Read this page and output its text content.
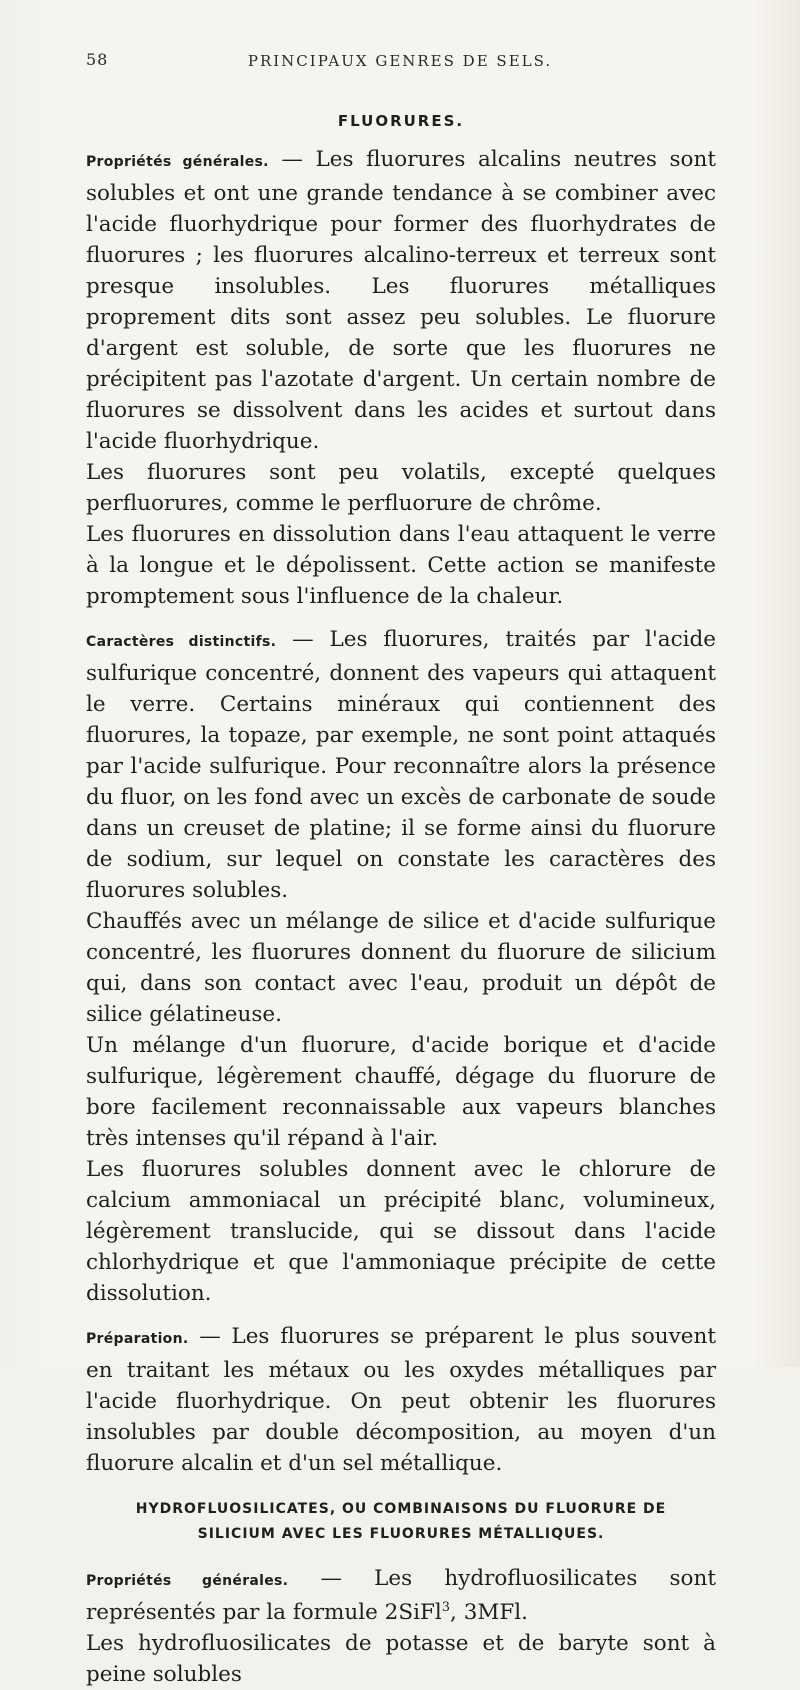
58	PRINCIPAUX GENRES DE SELS.
FLUORURES.

Propriétés générales. — Les fluorures alcalins neutres sont solubles et ont une grande tendance à se combiner avec l'acide fluorhydrique pour former des fluorhydrates de fluorures ; les fluorures alcalino-terreux et terreux sont presque insolubles. Les fluorures métalliques proprement dits sont assez peu solubles. Le fluorure d'argent est soluble, de sorte que les fluorures ne précipitent pas l'azotate d'argent. Un certain nombre de fluorures se dissolvent dans les acides et surtout dans l'acide fluorhydrique.

Les fluorures sont peu volatils, excepté quelques perfluorures, comme le perfluorure de chrôme.

Les fluorures en dissolution dans l'eau attaquent le verre à la longue et le dépolissent. Cette action se manifeste promptement sous l'influence de la chaleur.

Caractères distinctifs. — Les fluorures, traités par l'acide sulfurique concentré, donnent des vapeurs qui attaquent le verre. Certains minéraux qui contiennent des fluorures, la topaze, par exemple, ne sont point attaqués par l'acide sulfurique. Pour reconnaître alors la présence du fluor, on les fond avec un excès de carbonate de soude dans un creuset de platine; il se forme ainsi du fluorure de sodium, sur lequel on constate les caractères des fluorures solubles.

Chauffés avec un mélange de silice et d'acide sulfurique concentré, les fluorures donnent du fluorure de silicium qui, dans son contact avec l'eau, produit un dépôt de silice gélatineuse.

Un mélange d'un fluorure, d'acide borique et d'acide sulfurique, légèrement chauffé, dégage du fluorure de bore facilement reconnaissable aux vapeurs blanches très intenses qu'il répand à l'air.

Les fluorures solubles donnent avec le chlorure de calcium ammoniacal un précipité blanc, volumineux, légèrement translucide, qui se dissout dans l'acide chlorhydrique et que l'ammoniaque précipite de cette dissolution.

Préparation. — Les fluorures se préparent le plus souvent en traitant les métaux ou les oxydes métalliques par l'acide fluorhydrique. On peut obtenir les fluorures insolubles par double décomposition, au moyen d'un fluorure alcalin et d'un sel métallique.

HYDROFLUOSILICATES, OU COMBINAISONS DU FLUORURE DE
SILICIUM AVEC LES FLUORURES MÉTALLIQUES.

Propriétés générales. — Les hydrofluosilicates sont représentés par la formule 2SiFl$^3$, 3MFl.

Les hydrofluosilicates de potasse et de baryte sont à peine solubles
